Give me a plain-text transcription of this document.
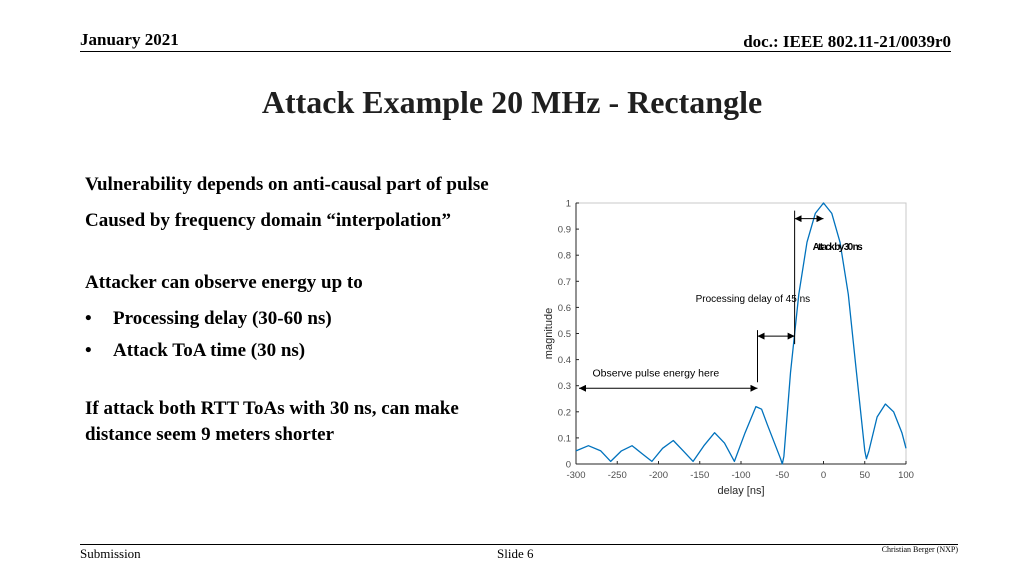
January 2021	doc.: IEEE 802.11-21/0039r0
Attack Example 20 MHz - Rectangle
Vulnerability depends on anti-causal part of pulse
Caused by frequency domain “interpolation”
Attacker can observe energy up to
•	Processing delay (30-60 ns)
•	Attack ToA time (30 ns)
If attack both RTT ToAs with 30 ns, can make distance seem 9 meters shorter
-300 -250 -200 -150 -100	-50	0	50	100
0
0.1
0.2
0.3
0.4
0.5
0.6
0.7
0.8
0.9
1
delay [ns]
magnitude
Attack by 30 ns
Processing delay of 45 ns
Observe pulse energy here
Submission	Slide 6	Christian Berger (NXP)
